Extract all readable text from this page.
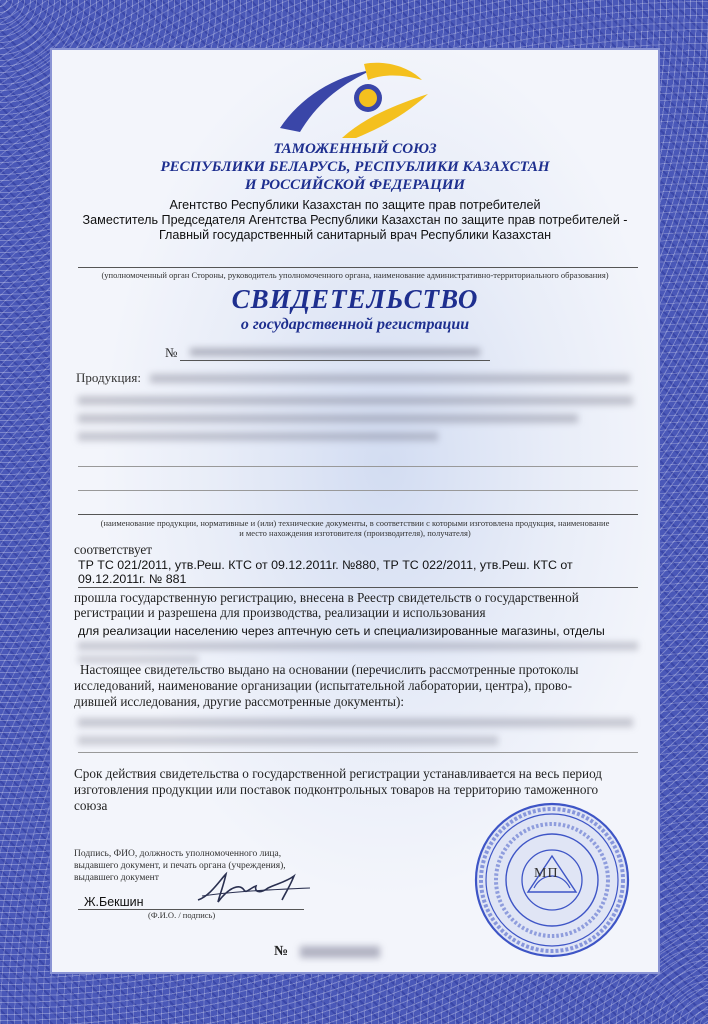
ТАМОЖЕННЫЙ СОЮЗ
РЕСПУБЛИКИ БЕЛАРУСЬ, РЕСПУБЛИКИ КАЗАХСТАН
И РОССИЙСКОЙ ФЕДЕРАЦИИ
Агентство Республики Казахстан по защите прав потребителей
Заместитель Председателя Агентства Республики Казахстан по защите прав потребителей -
Главный государственный санитарный врач Республики Казахстан
(уполномоченный орган Стороны, руководитель уполномоченного органа, наименование административно-территориального образования)
СВИДЕТЕЛЬСТВО
о государственной регистрации
№
Продукция:
(наименование продукции, нормативные и (или) технические документы, в соответствии с которыми изготовлена продукция, наименование
и место нахождения изготовителя (производителя), получателя)
соответствует
ТР ТС 021/2011, утв.Реш. КТС от 09.12.2011г. №880, ТР ТС 022/2011, утв.Реш. КТС от
09.12.2011г. № 881
прошла государственную регистрацию, внесена в Реестр свидетельств о государственной
регистрации и разрешена для производства, реализации и использования
для реализации населению через аптечную сеть и специализированные магазины, отделы
Настоящее свидетельство выдано на основании (перечислить рассмотренные протоколы
исследований, наименование организации (испытательной лаборатории, центра), прово-
дившей исследования, другие рассмотренные документы):
Срок действия свидетельства о государственной регистрации устанавливается на весь период
изготовления продукции или поставок подконтрольных товаров на территорию таможенного
союза
Подпись, ФИО, должность уполномоченного лица,
выдавшего документ, и печать органа (учреждения),
выдавшего документ
Ж.Бекшин
(Ф.И.О. / подпись)
МП
№
